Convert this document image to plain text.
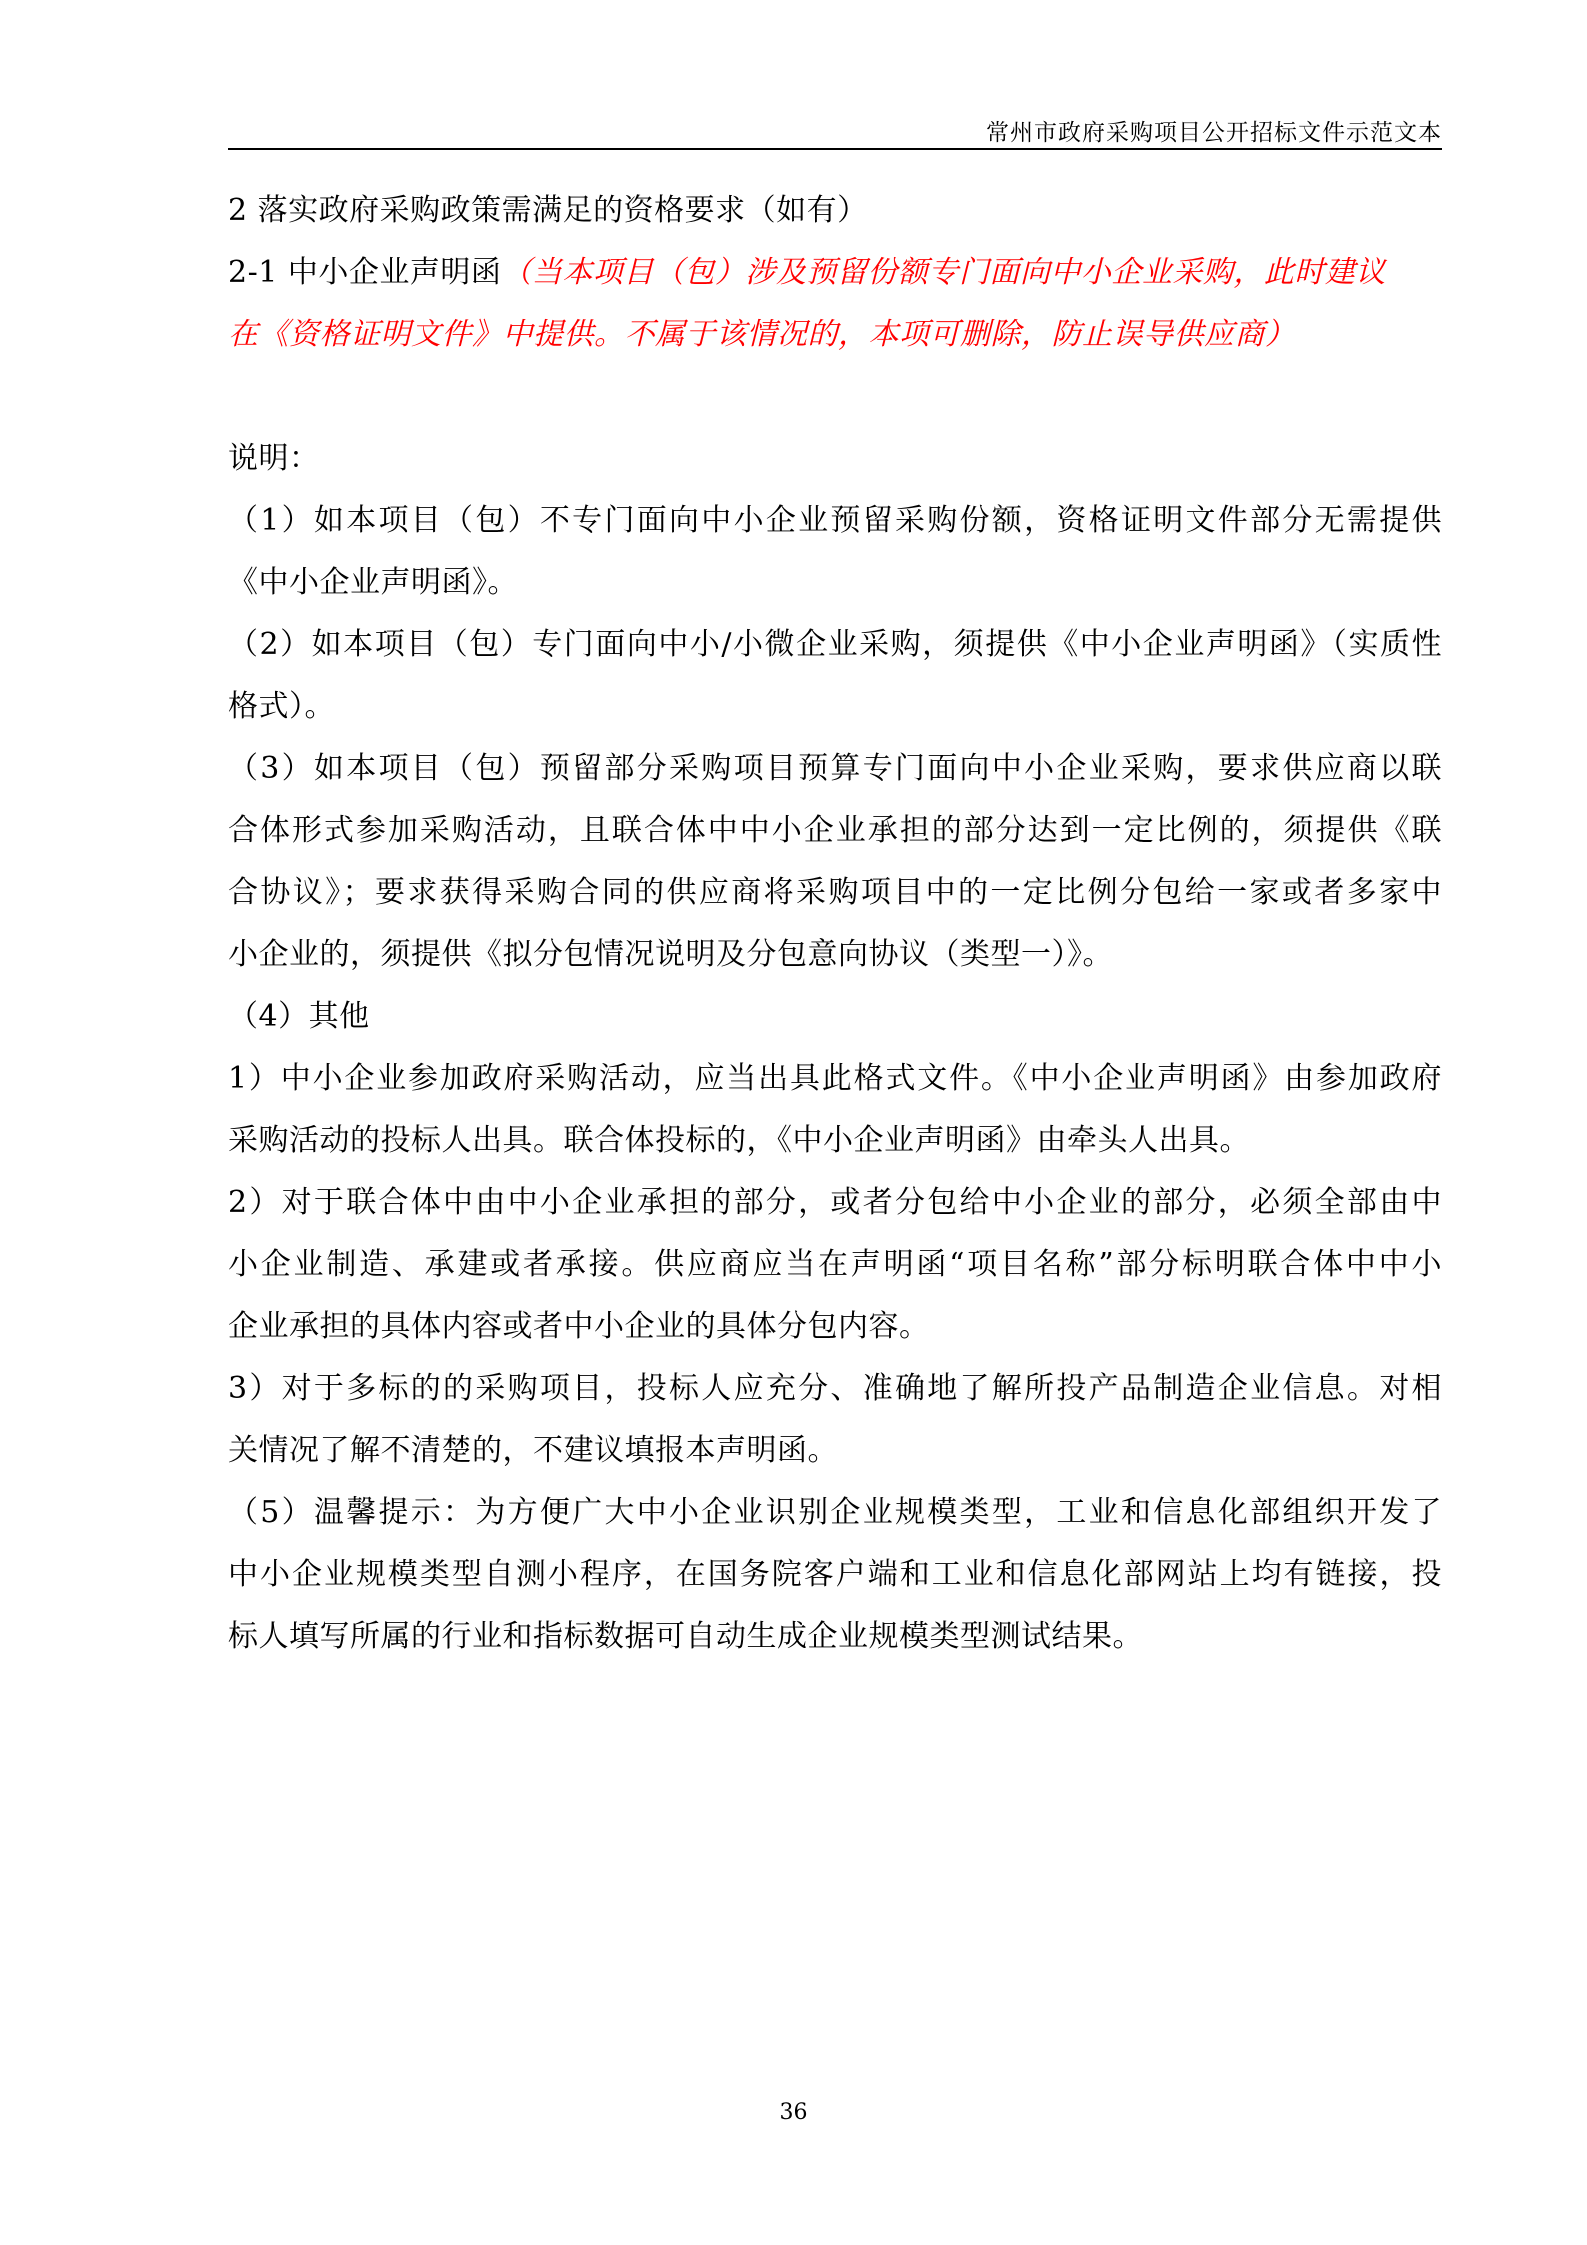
常州市政府采购项目公开招标文件示范文本
2 落实政府采购政策需满足的资格要求（如有）
2-1 中小企业声明函（当本项目（包）涉及预留份额专门面向中小企业采购，此时建议
在《资格证明文件》中提供。不属于该情况的，本项可删除，防止误导供应商）
说明：
（1）如本项目（包）不专门面向中小企业预留采购份额，资格证明文件部分无需提供
《中小企业声明函》。
（2）如本项目（包）专门面向中小/小微企业采购，须提供《中小企业声明函》（实质性
格式）。
（3）如本项目（包）预留部分采购项目预算专门面向中小企业采购，要求供应商以联
合体形式参加采购活动，且联合体中中小企业承担的部分达到一定比例的，须提供《联
合协议》；要求获得采购合同的供应商将采购项目中的一定比例分包给一家或者多家中
小企业的，须提供《拟分包情况说明及分包意向协议（类型一）》。
（4）其他
1）中小企业参加政府采购活动，应当出具此格式文件。《中小企业声明函》由参加政府
采购活动的投标人出具。联合体投标的，《中小企业声明函》由牵头人出具。
2）对于联合体中由中小企业承担的部分，或者分包给中小企业的部分，必须全部由中
小企业制造、承建或者承接。供应商应当在声明函“项目名称”部分标明联合体中中小
企业承担的具体内容或者中小企业的具体分包内容。
3）对于多标的的采购项目，投标人应充分、准确地了解所投产品制造企业信息。对相
关情况了解不清楚的，不建议填报本声明函。
（5）温馨提示：为方便广大中小企业识别企业规模类型，工业和信息化部组织开发了
中小企业规模类型自测小程序，在国务院客户端和工业和信息化部网站上均有链接，投
标人填写所属的行业和指标数据可自动生成企业规模类型测试结果。
36
